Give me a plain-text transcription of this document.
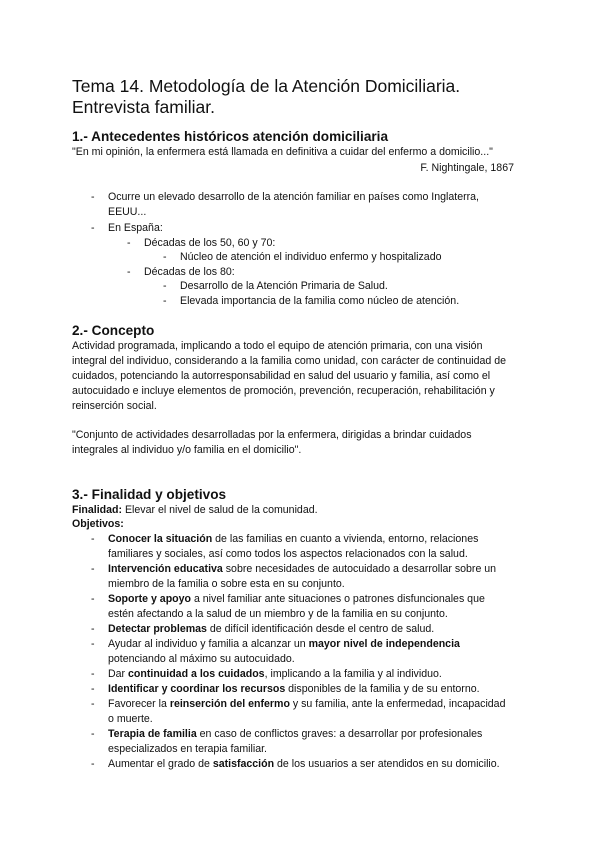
Tema 14. Metodología de la Atención Domiciliaria.
Entrevista familiar.
1.- Antecedentes históricos atención domiciliaria
"En mi opinión, la enfermera está llamada en definitiva a cuidar del enfermo a domicilio..."
F. Nightingale, 1867
- Ocurre un elevado desarrollo de la atención familiar en países como Inglaterra,
EEUU...
- En España:
- Décadas de los 50, 60 y 70:
- Núcleo de atención el individuo enfermo y hospitalizado
- Décadas de los 80:
- Desarrollo de la Atención Primaria de Salud.
- Elevada importancia de la familia como núcleo de atención.
2.- Concepto
Actividad programada, implicando a todo el equipo de atención primaria, con una visión
integral del individuo, considerando a la familia como unidad, con carácter de continuidad de
cuidados, potenciando la autorresponsabilidad en salud del usuario y familia, así como el
autocuidado e incluye elementos de promoción, prevención, recuperación, rehabilitación y
reinserción social.
"Conjunto de actividades desarrolladas por la enfermera, dirigidas a brindar cuidados
integrales al individuo y/o familia en el domicilio".
3.- Finalidad y objetivos
Finalidad: Elevar el nivel de salud de la comunidad.
Objetivos:
- Conocer la situación de las familias en cuanto a vivienda, entorno, relaciones
familiares y sociales, así como todos los aspectos relacionados con la salud.
- Intervención educativa sobre necesidades de autocuidado a desarrollar sobre un
miembro de la familia o sobre esta en su conjunto.
- Soporte y apoyo a nivel familiar ante situaciones o patrones disfuncionales que
estén afectando a la salud de un miembro y de la familia en su conjunto.
- Detectar problemas de difícil identificación desde el centro de salud.
- Ayudar al individuo y familia a alcanzar un mayor nivel de independencia
potenciando al máximo su autocuidado.
- Dar continuidad a los cuidados, implicando a la familia y al individuo.
- Identificar y coordinar los recursos disponibles de la familia y de su entorno.
- Favorecer la reinserción del enfermo y su familia, ante la enfermedad, incapacidad
o muerte.
- Terapia de familia en caso de conflictos graves: a desarrollar por profesionales
especializados en terapia familiar.
- Aumentar el grado de satisfacción de los usuarios a ser atendidos en su domicilio.
